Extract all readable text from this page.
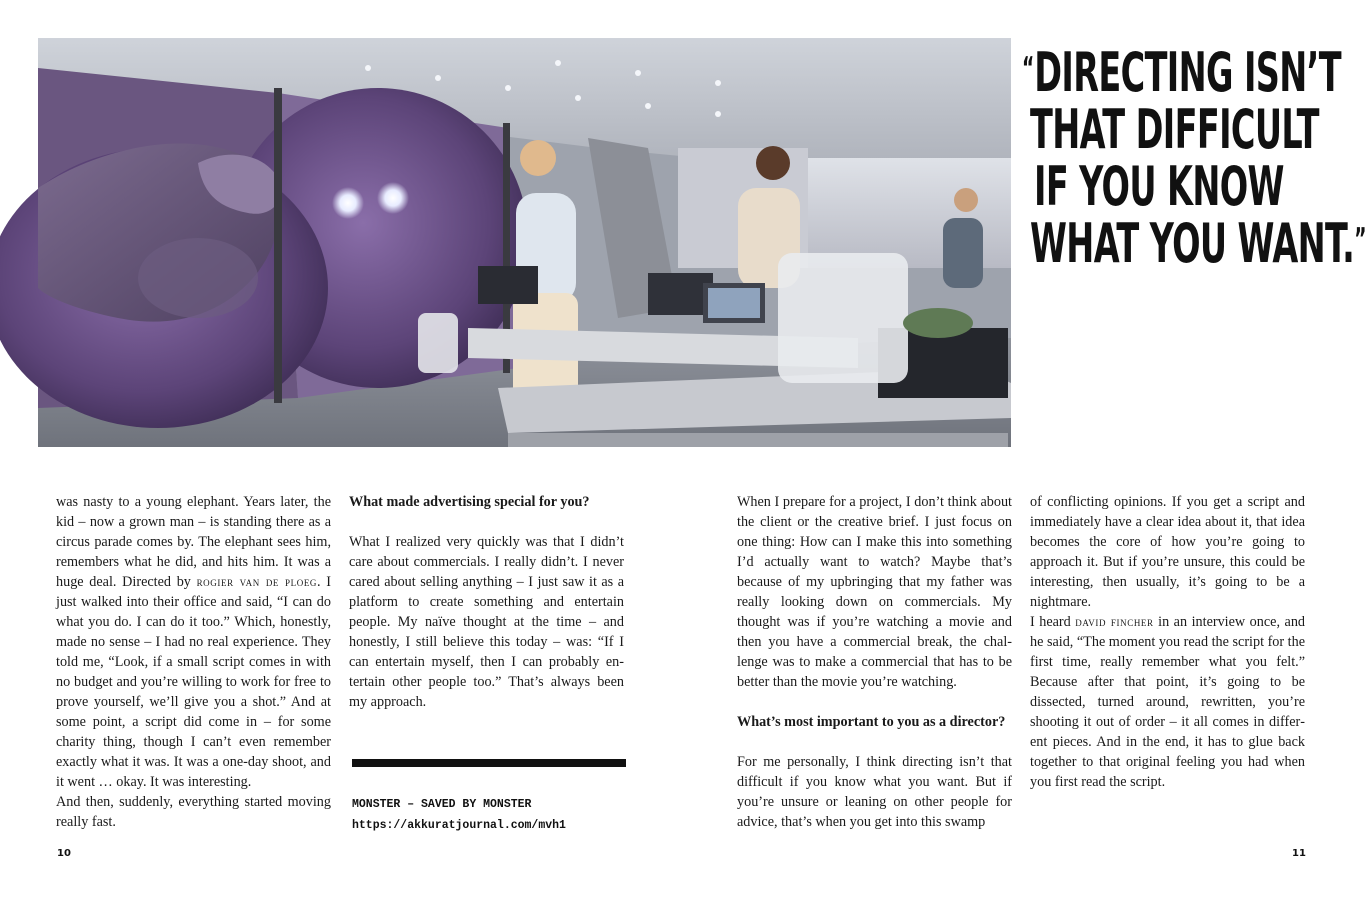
“DIRECTING ISN’T
THAT DIFFICULT
IF YOU KNOW
WHAT YOU WANT.”

was nasty to a young elephant. Years later, the kid – now a grown man – is standing there as a circus parade comes by. The elephant sees him, remembers what he did, and hits him. It was a huge deal. Directed by rogier van de ploeg. I just walked into their office and said, “I can do what you do. I can do it too.” Which, honestly, made no sense – I had no real experience. They told me, “Look, if a small script comes in with no budget and you’re willing to work for free to prove yourself, we’ll give you a shot.” And at some point, a script did come in – for some charity thing, though I can’t even remember exactly what it was. It was a one-day shoot, and it went … okay. It was interesting.

And then, suddenly, everything started moving really fast.

What made advertising special for you?

What I realized very quickly was that I didn’t care about commercials. I really didn’t. I never cared about selling anything – I just saw it as a platform to create something and entertain people. My naïve thought at the time – and honestly, I still believe this today – was: “If I can entertain myself, then I can probably entertain other people too.” That’s always been my approach.

MONSTER – SAVED BY MONSTER
https://akkuratjournal.com/mvh1

When I prepare for a project, I don’t think about the client or the creative brief. I just focus on one thing: How can I make this into something I’d actually want to watch? Maybe that’s because of my upbringing that my father was really looking down on commercials. My thought was if you’re watching a movie and then you have a commercial break, the challenge was to make a commercial that has to be better than the movie you’re watching.

What’s most important to you as a director?

For me personally, I think directing isn’t that difficult if you know what you want. But if you’re unsure or leaning on other people for advice, that’s when you get into this swamp

of conflicting opinions. If you get a script and immediately have a clear idea about it, that idea becomes the core of how you’re going to approach it. But if you’re unsure, this could be interesting, then usually, it’s going to be a nightmare.

I heard david fincher in an interview once, and he said, “The moment you read the script for the first time, really remember what you felt.” Because after that point, it’s going to be dissected, turned around, rewritten, you’re shooting it out of order – it all comes in different pieces. And in the end, it has to glue back together to that original feeling you had when you first read the script.

10	11
